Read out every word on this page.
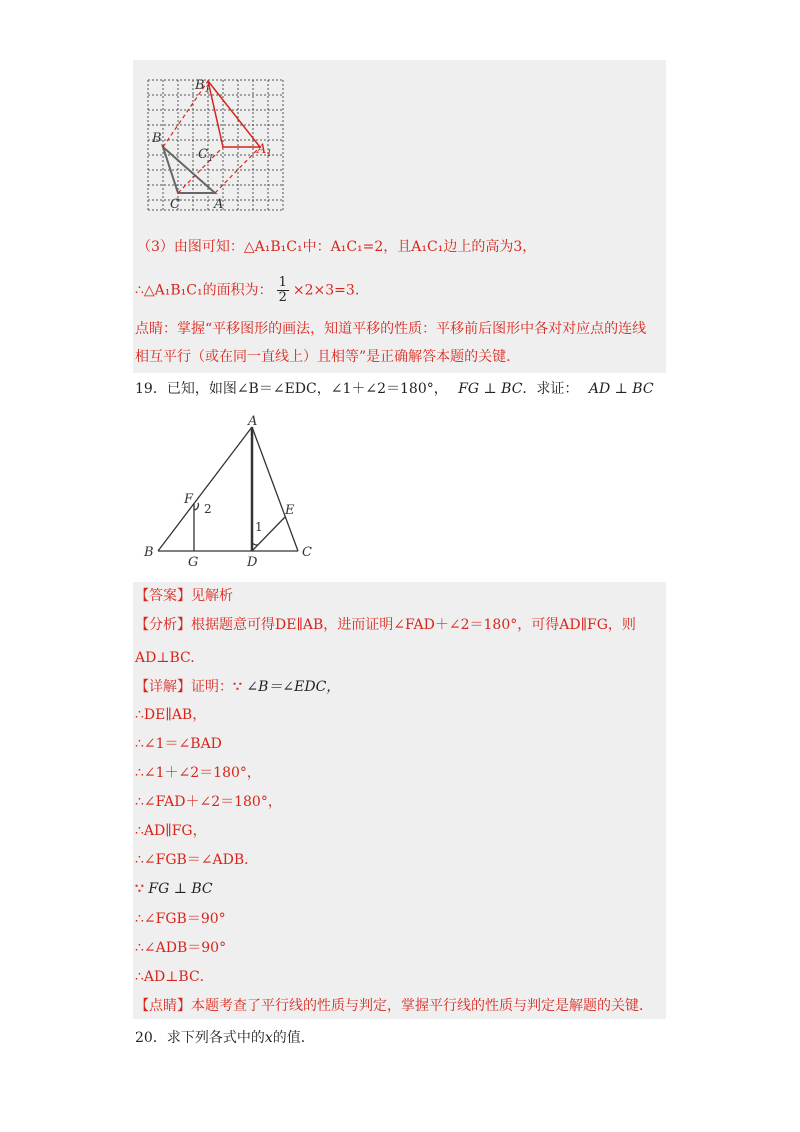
$B_1$
B
$C_1$
$A_1$
C	A
（3）由图可知：△A₁B₁C₁中：A₁C₁=2，且A₁C₁边上的高为3，
∴△A₁B₁C₁的面积为： $\frac{1}{2} \times 2\times 3=3$.
点睛：掌握“平移图形的画法，知道平移的性质：平移前后图形中各对对应点的连线
相互平行（或在同一直线上）且相等”是正确解答本题的关键.
19．已知，如图∠B＝∠EDC，∠1＋∠2＝180°， FG ⊥ BC．求证： AD ⊥ BC
A
F
2	E
1
B
G	D
C
【答案】见解析
【分析】根据题意可得DE∥AB，进而证明∠FAD＋∠2＝180°，可得AD∥FG，则
AD⊥BC.
【详解】证明：∵ ∠B＝∠EDC，
∴DE∥AB，
∴∠1＝∠BAD
∴∠1＋∠2＝180°，
∴∠FAD＋∠2＝180°，
∴AD∥FG，
∴∠FGB＝∠ADB．
∵ FG ⊥ BC
∴∠FGB＝90°
∴∠ADB＝90°
∴AD⊥BC．
【点睛】本题考查了平行线的性质与判定，掌握平行线的性质与判定是解题的关键．
20．求下列各式中的x的值．
